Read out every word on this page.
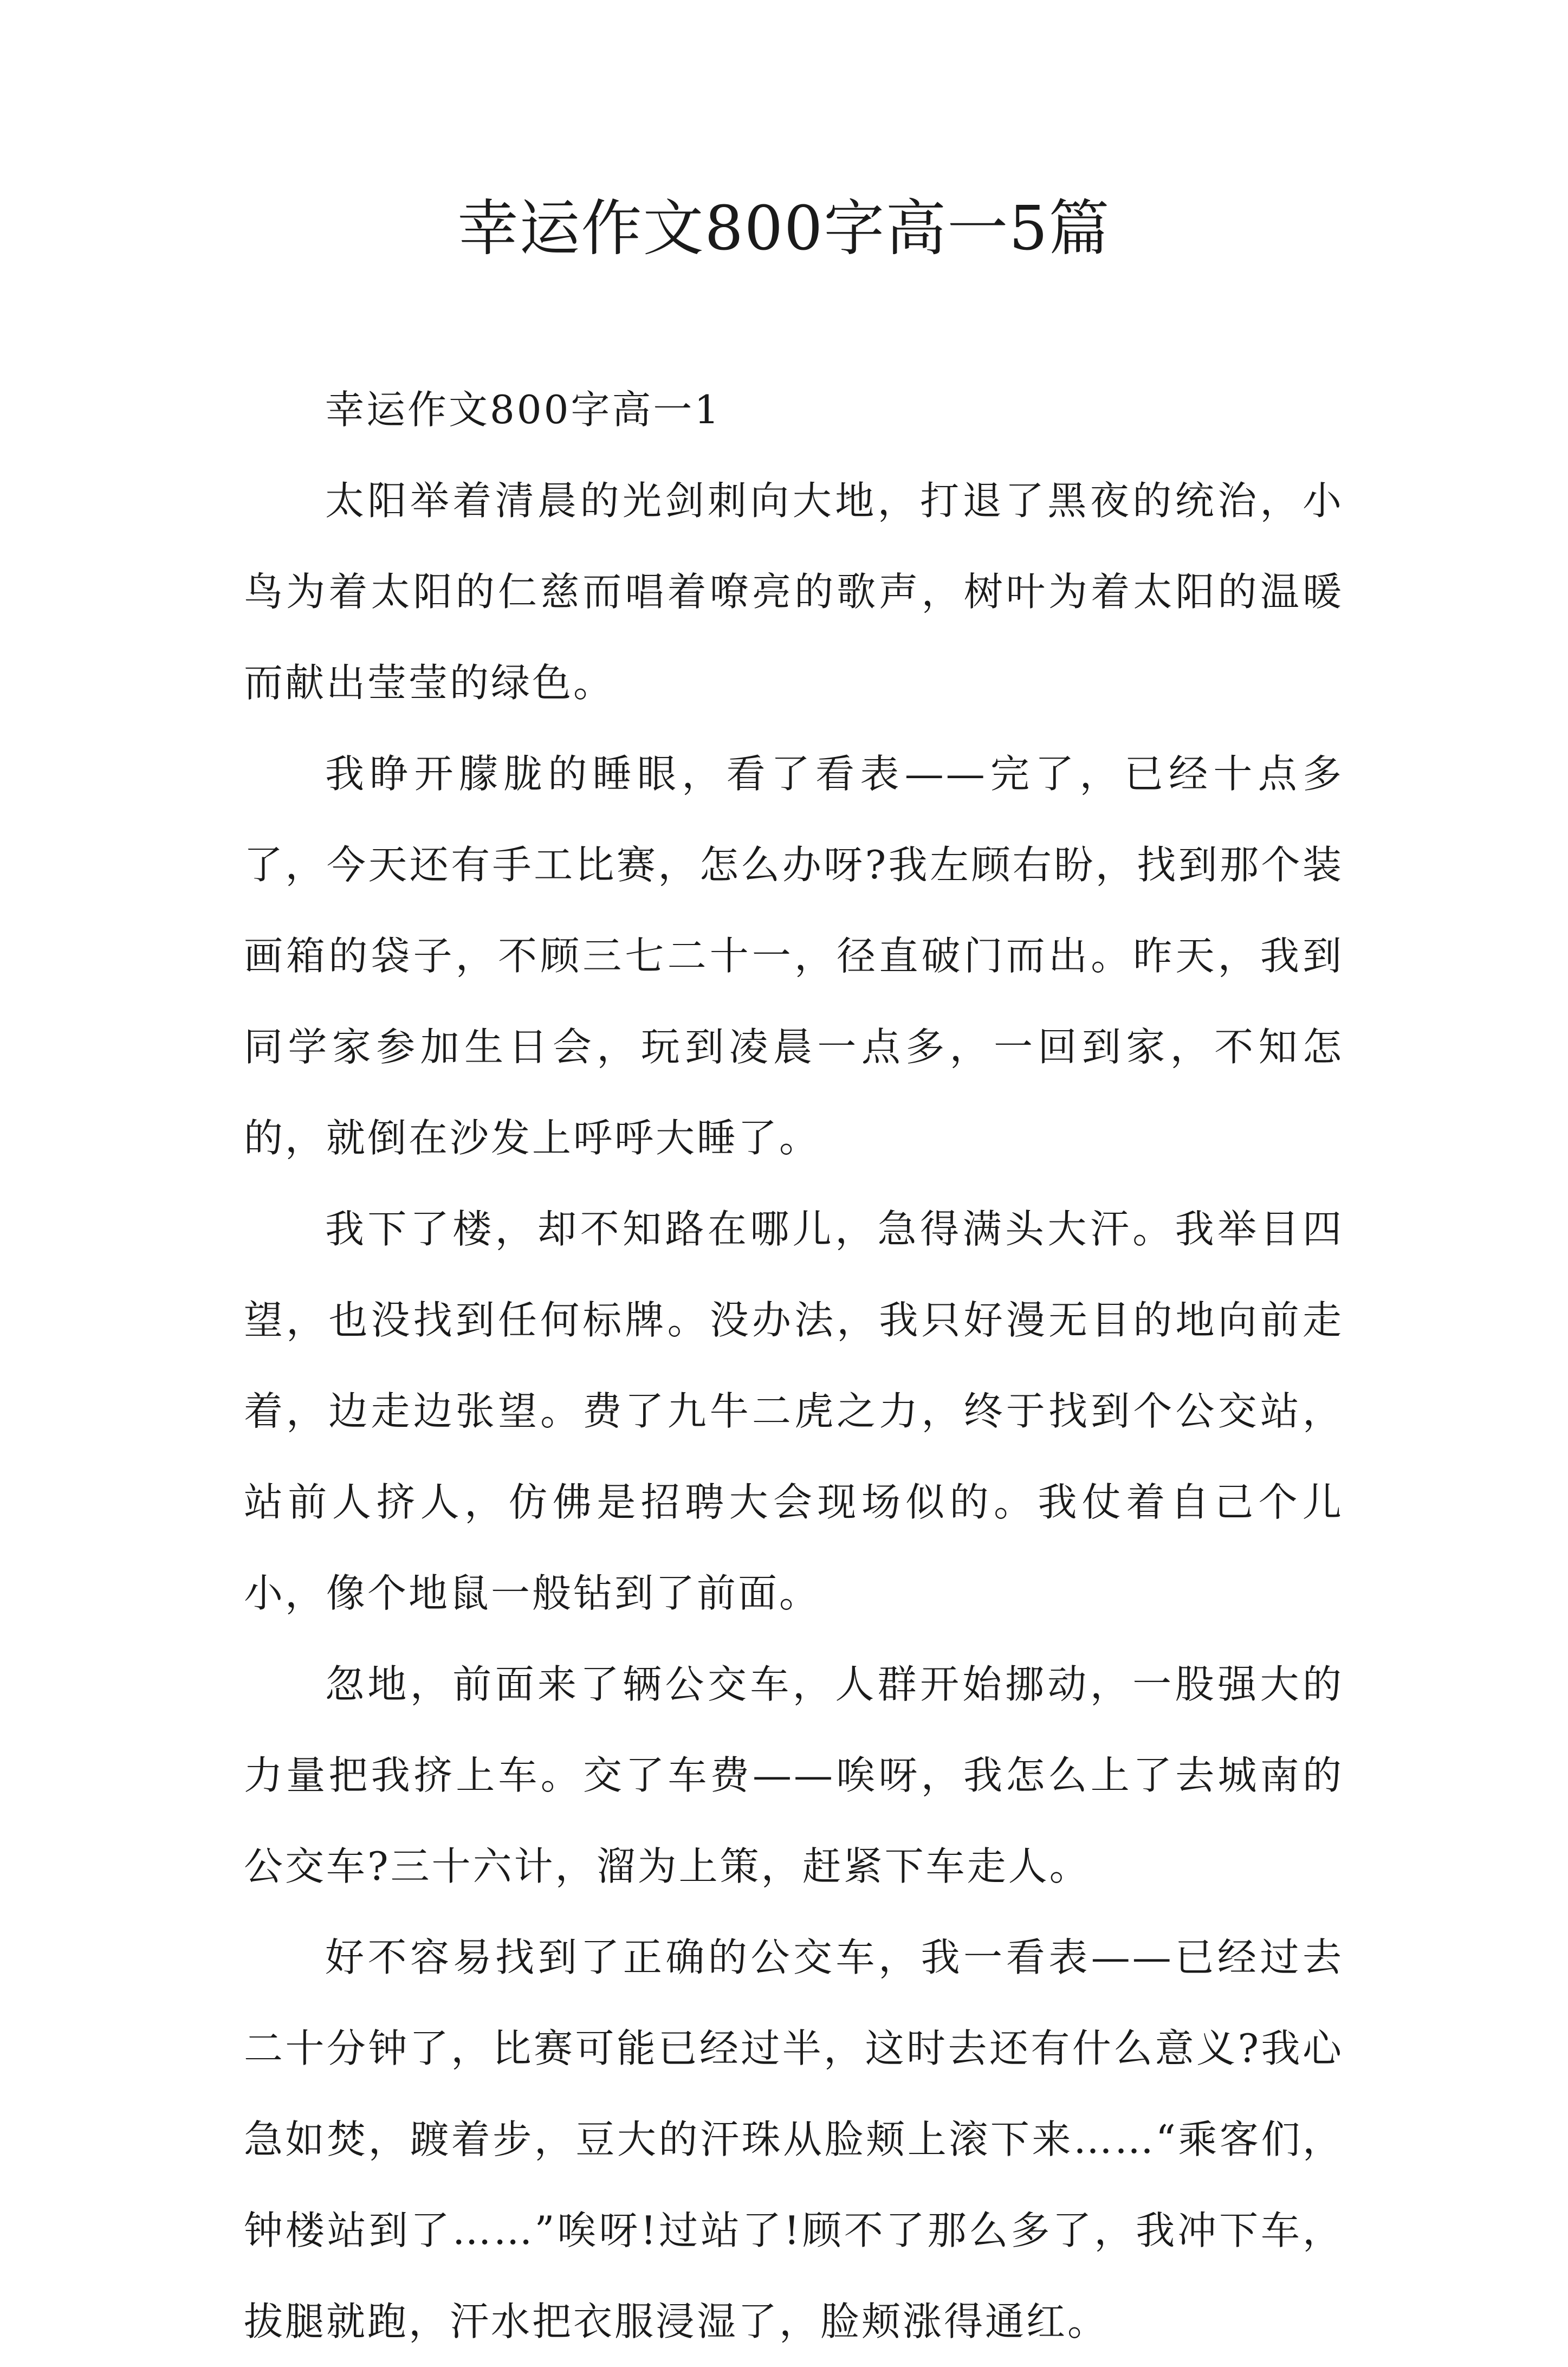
幸运作文800字高一5篇

幸运作文800字高一1

太阳举着清晨的光剑刺向大地，打退了黑夜的统治，小鸟为着太阳的仁慈而唱着嘹亮的歌声，树叶为着太阳的温暖而献出莹莹的绿色。

我睁开朦胧的睡眼，看了看表——完了，已经十点多了，今天还有手工比赛，怎么办呀?我左顾右盼，找到那个装画箱的袋子，不顾三七二十一，径直破门而出。昨天，我到同学家参加生日会，玩到凌晨一点多，一回到家，不知怎的，就倒在沙发上呼呼大睡了。

我下了楼，却不知路在哪儿，急得满头大汗。我举目四望，也没找到任何标牌。没办法，我只好漫无目的地向前走着，边走边张望。费了九牛二虎之力，终于找到个公交站，站前人挤人，仿佛是招聘大会现场似的。我仗着自己个儿小，像个地鼠一般钻到了前面。

忽地，前面来了辆公交车，人群开始挪动，一股强大的力量把我挤上车。交了车费——唉呀，我怎么上了去城南的公交车?三十六计，溜为上策，赶紧下车走人。

好不容易找到了正确的公交车，我一看表——已经过去二十分钟了，比赛可能已经过半，这时去还有什么意义?我心急如焚，踱着步，豆大的汗珠从脸颊上滚下来……“乘客们，钟楼站到了……”唉呀!过站了!顾不了那么多了，我冲下车，拔腿就跑，汗水把衣服浸湿了，脸颊涨得通红。
